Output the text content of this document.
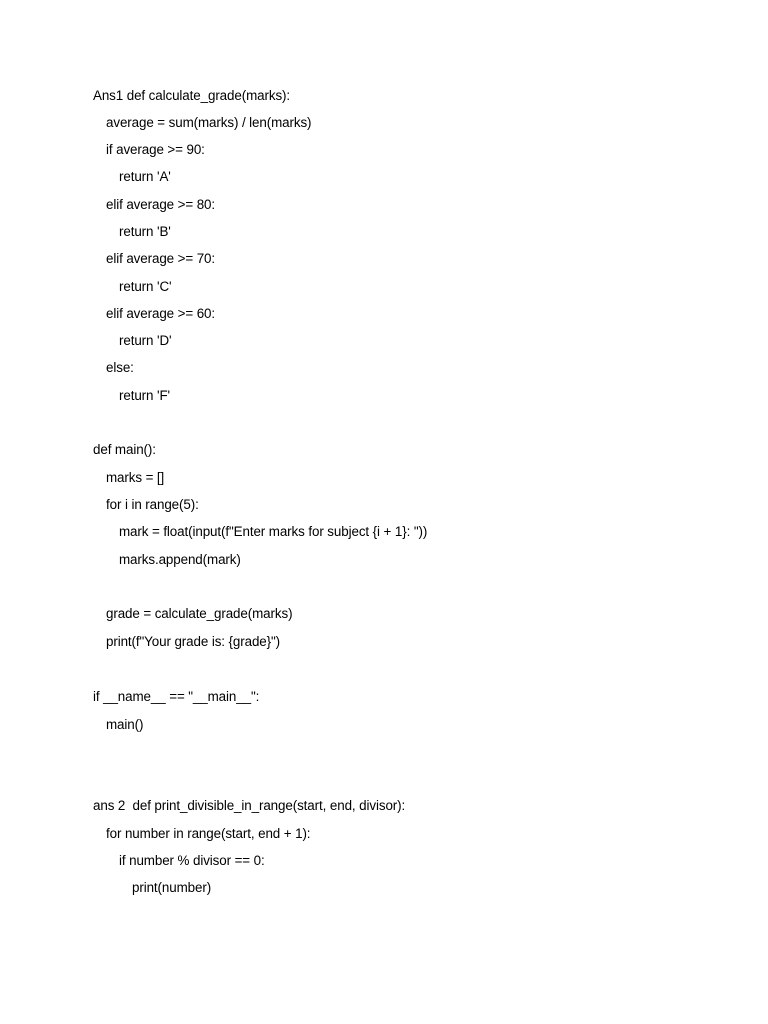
Ans1 def calculate_grade(marks):
average = sum(marks) / len(marks)
if average >= 90:
return 'A'
elif average >= 80:
return 'B'
elif average >= 70:
return 'C'
elif average >= 60:
return 'D'
else:
return 'F'
def main():
marks = []
for i in range(5):
mark = float(input(f"Enter marks for subject {i + 1}: "))
marks.append(mark)
grade = calculate_grade(marks)
print(f"Your grade is: {grade}")
if __name__ == "__main__":
main()
ans 2  def print_divisible_in_range(start, end, divisor):
for number in range(start, end + 1):
if number % divisor == 0:
print(number)
